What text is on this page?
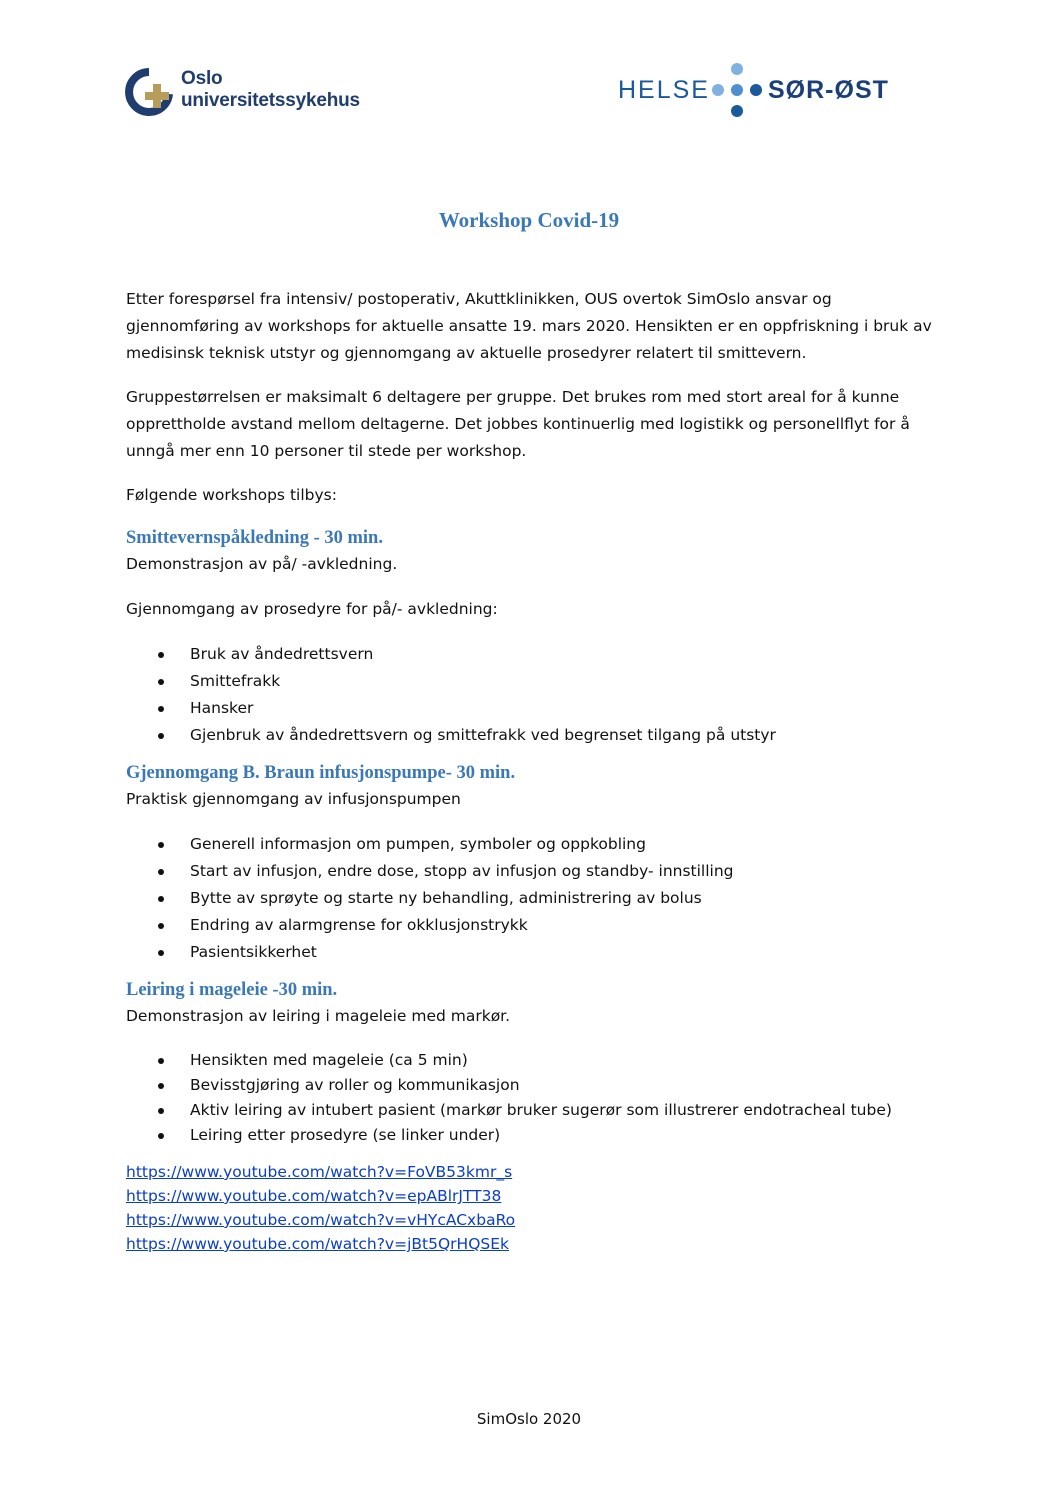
Oslo
universitetssykehus	HELSE SØR-ØST
Workshop Covid-19

Etter forespørsel fra intensiv/ postoperativ, Akuttklinikken, OUS overtok SimOslo ansvar og gjennomføring av workshops for aktuelle ansatte 19. mars 2020. Hensikten er en oppfriskning i bruk av medisinsk teknisk utstyr og gjennomgang av aktuelle prosedyrer relatert til smittevern.

Gruppestørrelsen er maksimalt 6 deltagere per gruppe. Det brukes rom med stort areal for å kunne opprettholde avstand mellom deltagerne. Det jobbes kontinuerlig med logistikk og personellflyt for å unngå mer enn 10 personer til stede per workshop.

Følgende workshops tilbys:

Smittevernspåkledning - 30 min.

Demonstrasjon av på/ -avkledning.

Gjennomgang av prosedyre for på/- avkledning:

Bruk av åndedrettsvern
Smittefrakk
Hansker
Gjenbruk av åndedrettsvern og smittefrakk ved begrenset tilgang på utstyr
Gjennomgang B. Braun infusjonspumpe- 30 min.

Praktisk gjennomgang av infusjonspumpen

Generell informasjon om pumpen, symboler og oppkobling
Start av infusjon, endre dose, stopp av infusjon og standby- innstilling
Bytte av sprøyte og starte ny behandling, administrering av bolus
Endring av alarmgrense for okklusjonstrykk
Pasientsikkerhet
Leiring i mageleie -30 min.

Demonstrasjon av leiring i mageleie med markør.

Hensikten med mageleie (ca 5 min)
Bevisstgjøring av roller og kommunikasjon
Aktiv leiring av intubert pasient (markør bruker sugerør som illustrerer endotracheal tube)
Leiring etter prosedyre (se linker under)
https://www.youtube.com/watch?v=FoVB53kmr_s
https://www.youtube.com/watch?v=epABlrJTT38
https://www.youtube.com/watch?v=vHYcACxbaRo
https://www.youtube.com/watch?v=jBt5QrHQSEk
SimOslo 2020
